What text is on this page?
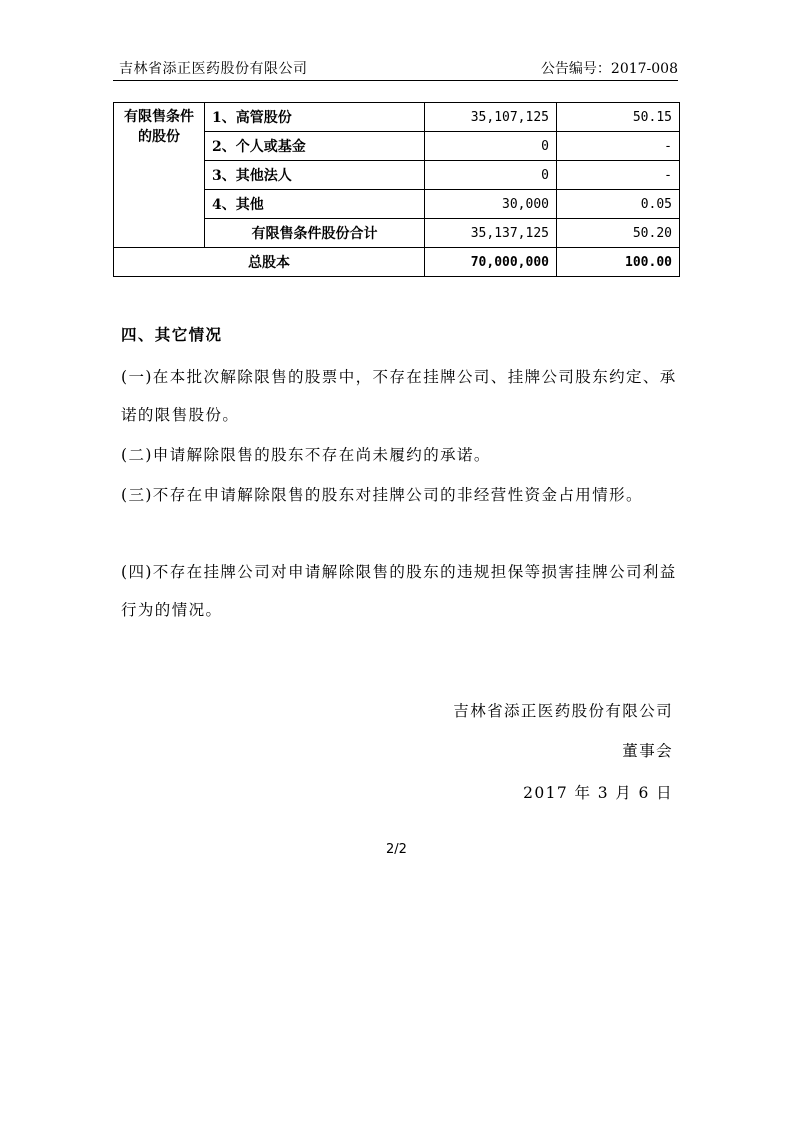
吉林省添正医药股份有限公司	公告编号：2017-008
有限售条件的股份	1、高管股份	35,107,125	50.15
	2、个人或基金	0	-
	3、其他法人	0	-
	4、其他	30,000	0.05
	有限售条件股份合计	35,137,125	50.20
总股本		70,000,000	100.00
四、其它情况
(一)在本批次解除限售的股票中，不存在挂牌公司、挂牌公司股东约定、承诺的限售股份。
(二)申请解除限售的股东不存在尚未履约的承诺。
(三)不存在申请解除限售的股东对挂牌公司的非经营性资金占用情形。
(四)不存在挂牌公司对申请解除限售的股东的违规担保等损害挂牌公司利益行为的情况。
吉林省添正医药股份有限公司
董事会
2017 年 3 月 6 日
2/2
